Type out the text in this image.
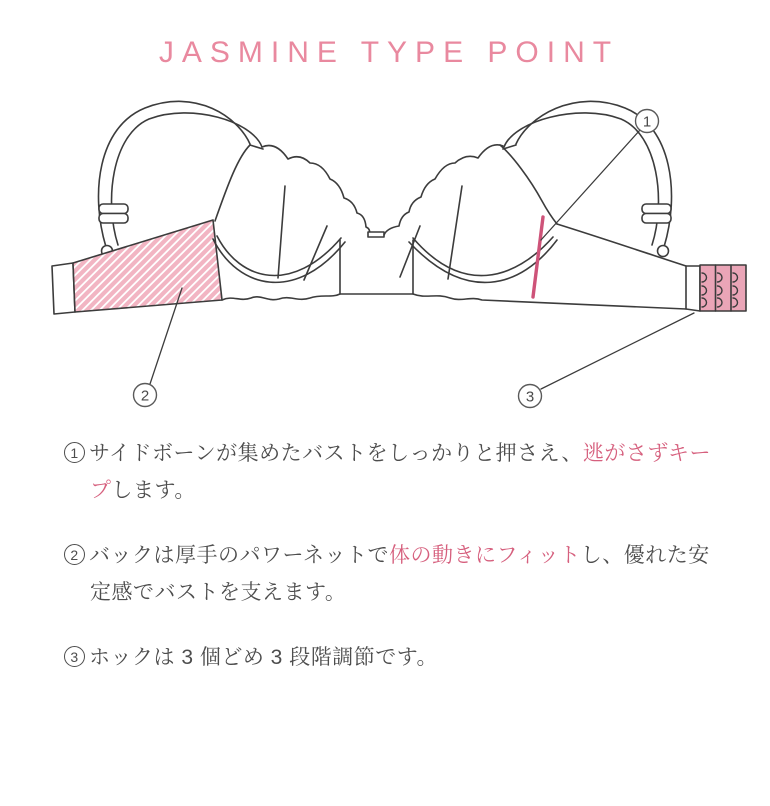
JASMINE TYPE POINT
1
2	3

1 サイドボーンが集めたバストをしっかりと押さえ、逃がさずキープします。

2 バックは厚手のパワーネットで体の動きにフィットし、優れた安定感でバストを支えます。

3 ホックは 3 個どめ 3 段階調節です。
